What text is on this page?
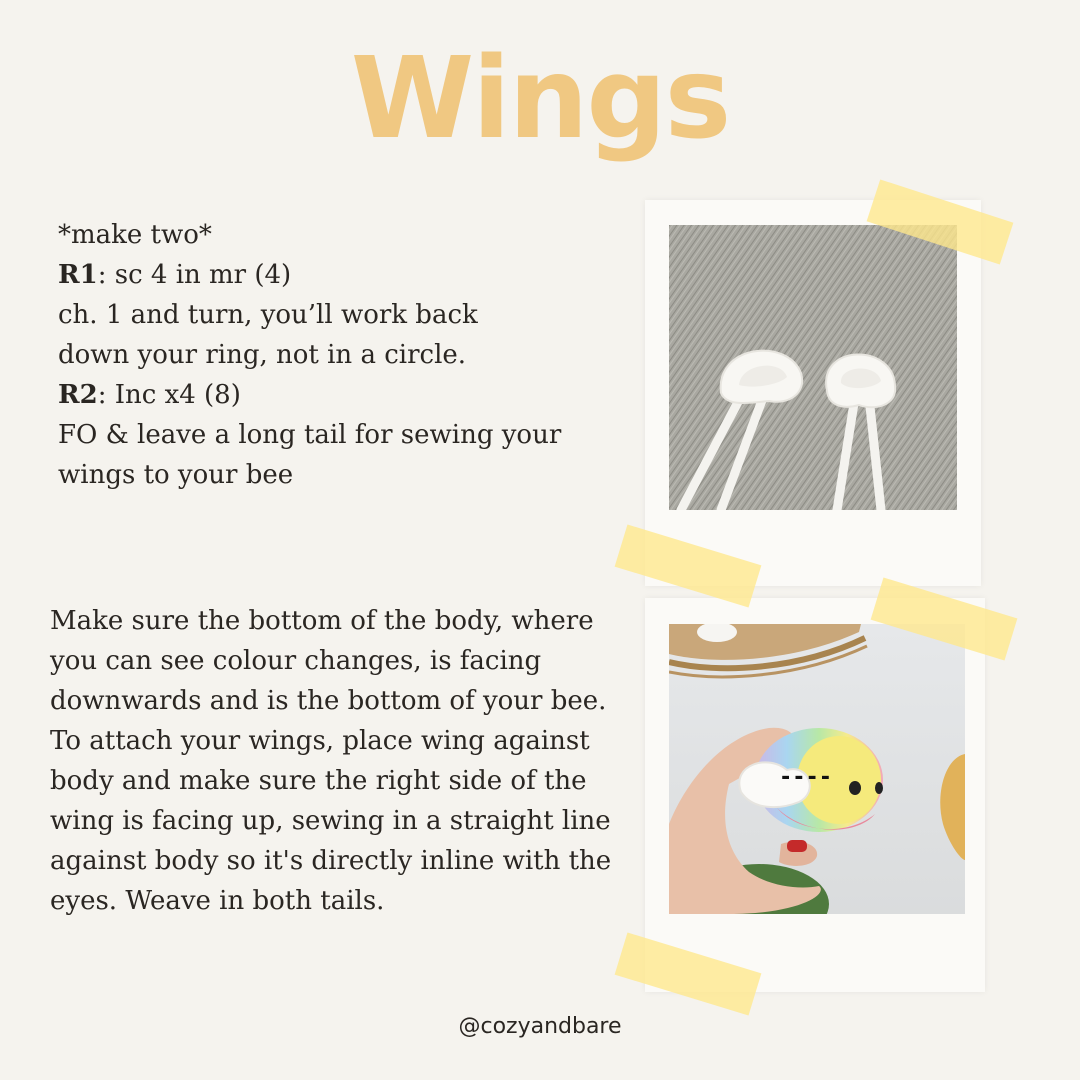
Wings
*make two*
R1: sc 4 in mr (4)
ch. 1 and turn, you’ll work back
down your ring, not in a circle.
R2: Inc x4 (8)
FO & leave a long tail for sewing your
wings to your bee
Make sure the bottom of the body, where
you can see colour changes, is facing
downwards and is the bottom of your bee.
To attach your wings, place wing against
body and make sure the right side of the
wing is facing up, sewing in a straight line
against body so it's directly inline with the
eyes. Weave in both tails.
----
@cozyandbare
